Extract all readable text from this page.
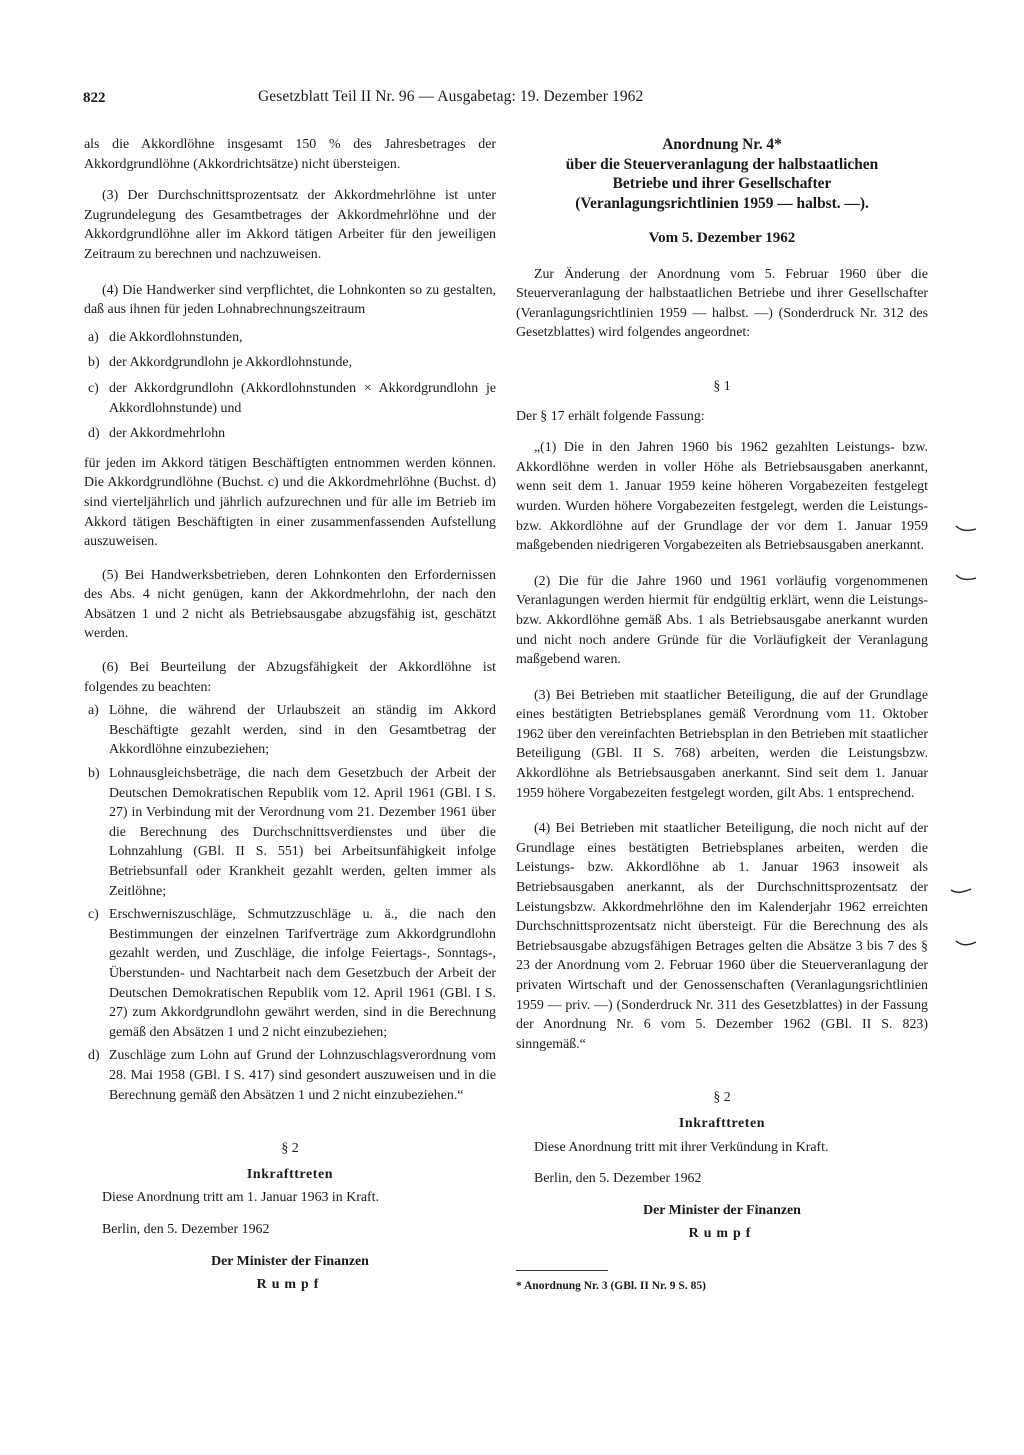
822	Gesetzblatt Teil II Nr. 96 — Ausgabetag: 19. Dezember 1962

als die Akkordlöhne insgesamt 150 % des Jahresbetrages der Akkordgrundlöhne (Akkordrichtsätze) nicht übersteigen.

(3) Der Durchschnittsprozentsatz der Akkordmehrlöhne ist unter Zugrundelegung des Gesamtbetrages der Akkordmehrlöhne und der Akkordgrundlöhne aller im Akkord tätigen Arbeiter für den jeweiligen Zeitraum zu berechnen und nachzuweisen.

(4) Die Handwerker sind verpflichtet, die Lohnkonten so zu gestalten, daß aus ihnen für jeden Lohnabrechnungszeitraum

a) die Akkordlohnstunden,
b) der Akkordgrundlohn je Akkordlohnstunde,
c) der Akkordgrundlohn (Akkordlohnstunden × Akkordgrundlohn je Akkordlohnstunde) und
d) der Akkordmehrlohn

für jeden im Akkord tätigen Beschäftigten entnommen werden können. Die Akkordgrundlöhne (Buchst. c) und die Akkordmehrlöhne (Buchst. d) sind vierteljährlich und jährlich aufzurechnen und für alle im Betrieb im Akkord tätigen Beschäftigten in einer zusammenfassenden Aufstellung auszuweisen.

(5) Bei Handwerksbetrieben, deren Lohnkonten den Erfordernissen des Abs. 4 nicht genügen, kann der Akkordmehrlohn, der nach den Absätzen 1 und 2 nicht als Betriebsausgabe abzugsfähig ist, geschätzt werden.

(6) Bei Beurteilung der Abzugsfähigkeit der Akkordlöhne ist folgendes zu beachten:

a) Löhne, die während der Urlaubszeit an ständig im Akkord Beschäftigte gezahlt werden, sind in den Gesamtbetrag der Akkordlöhne einzubeziehen;
b) Lohnausgleichsbeträge, die nach dem Gesetzbuch der Arbeit der Deutschen Demokratischen Republik vom 12. April 1961 (GBl. I S. 27) in Verbindung mit der Verordnung vom 21. Dezember 1961 über die Berechnung des Durchschnittsverdienstes und über die Lohnzahlung (GBl. II S. 551) bei Arbeitsunfähigkeit infolge Betriebsunfall oder Krankheit gezahlt werden, gelten immer als Zeitlöhne;
c) Erschwerniszuschläge, Schmutzzuschläge u. ä., die nach den Bestimmungen der einzelnen Tarifverträge zum Akkordgrundlohn gezahlt werden, und Zuschläge, die infolge Feiertags-, Sonntags-, Überstunden- und Nachtarbeit nach dem Gesetzbuch der Arbeit der Deutschen Demokratischen Republik vom 12. April 1961 (GBl. I S. 27) zum Akkordgrundlohn gewährt werden, sind in die Berechnung gemäß den Absätzen 1 und 2 nicht einzubeziehen;
d) Zuschläge zum Lohn auf Grund der Lohnzuschlagsverordnung vom 28. Mai 1958 (GBl. I S. 417) sind gesondert auszuweisen und in die Berechnung gemäß den Absätzen 1 und 2 nicht einzubeziehen.“
§ 2
Inkrafttreten

Diese Anordnung tritt am 1. Januar 1963 in Kraft.

Berlin, den 5. Dezember 1962

Der Minister der Finanzen
Rumpf
Anordnung Nr. 4*
über die Steuerveranlagung der halbstaatlichen
Betriebe und ihrer Gesellschafter
(Veranlagungsrichtlinien 1959 — halbst. —).
Vom 5. Dezember 1962

Zur Änderung der Anordnung vom 5. Februar 1960 über die Steuerveranlagung der halbstaatlichen Betriebe und ihrer Gesellschafter (Veranlagungsrichtlinien 1959 — halbst. —) (Sonderdruck Nr. 312 des Gesetzblattes) wird folgendes angeordnet:

§ 1

Der § 17 erhält folgende Fassung:

„(1) Die in den Jahren 1960 bis 1962 gezahlten Leistungs- bzw. Akkordlöhne werden in voller Höhe als Betriebsausgaben anerkannt, wenn seit dem 1. Januar 1959 keine höheren Vorgabezeiten festgelegt wurden. Wurden höhere Vorgabezeiten festgelegt, werden die Leistungs- bzw. Akkordlöhne auf der Grundlage der vor dem 1. Januar 1959 maßgebenden niedrigeren Vorgabezeiten als Betriebsausgaben anerkannt.

(2) Die für die Jahre 1960 und 1961 vorläufig vorgenommenen Veranlagungen werden hiermit für endgültig erklärt, wenn die Leistungs- bzw. Akkordlöhne gemäß Abs. 1 als Betriebsausgabe anerkannt wurden und nicht noch andere Gründe für die Vorläufigkeit der Veranlagung maßgebend waren.

(3) Bei Betrieben mit staatlicher Beteiligung, die auf der Grundlage eines bestätigten Betriebsplanes gemäß Verordnung vom 11. Oktober 1962 über den vereinfachten Betriebsplan in den Betrieben mit staatlicher Beteiligung (GBl. II S. 768) arbeiten, werden die Leistungsbzw. Akkordlöhne als Betriebsausgaben anerkannt. Sind seit dem 1. Januar 1959 höhere Vorgabezeiten festgelegt worden, gilt Abs. 1 entsprechend.

(4) Bei Betrieben mit staatlicher Beteiligung, die noch nicht auf der Grundlage eines bestätigten Betriebsplanes arbeiten, werden die Leistungs- bzw. Akkordlöhne ab 1. Januar 1963 insoweit als Betriebsausgaben anerkannt, als der Durchschnittsprozentsatz der Leistungsbzw. Akkordmehrlöhne den im Kalenderjahr 1962 erreichten Durchschnittsprozentsatz nicht übersteigt. Für die Berechnung des als Betriebsausgabe abzugsfähigen Betrages gelten die Absätze 3 bis 7 des § 23 der Anordnung vom 2. Februar 1960 über die Steuerveranlagung der privaten Wirtschaft und der Genossenschaften (Veranlagungsrichtlinien 1959 — priv. —) (Sonderdruck Nr. 311 des Gesetzblattes) in der Fassung der Anordnung Nr. 6 vom 5. Dezember 1962 (GBl. II S. 823) sinngemäß.“

§ 2
Inkrafttreten

Diese Anordnung tritt mit ihrer Verkündung in Kraft.

Berlin, den 5. Dezember 1962

Der Minister der Finanzen
Rumpf
* Anordnung Nr. 3 (GBl. II Nr. 9 S. 85)
